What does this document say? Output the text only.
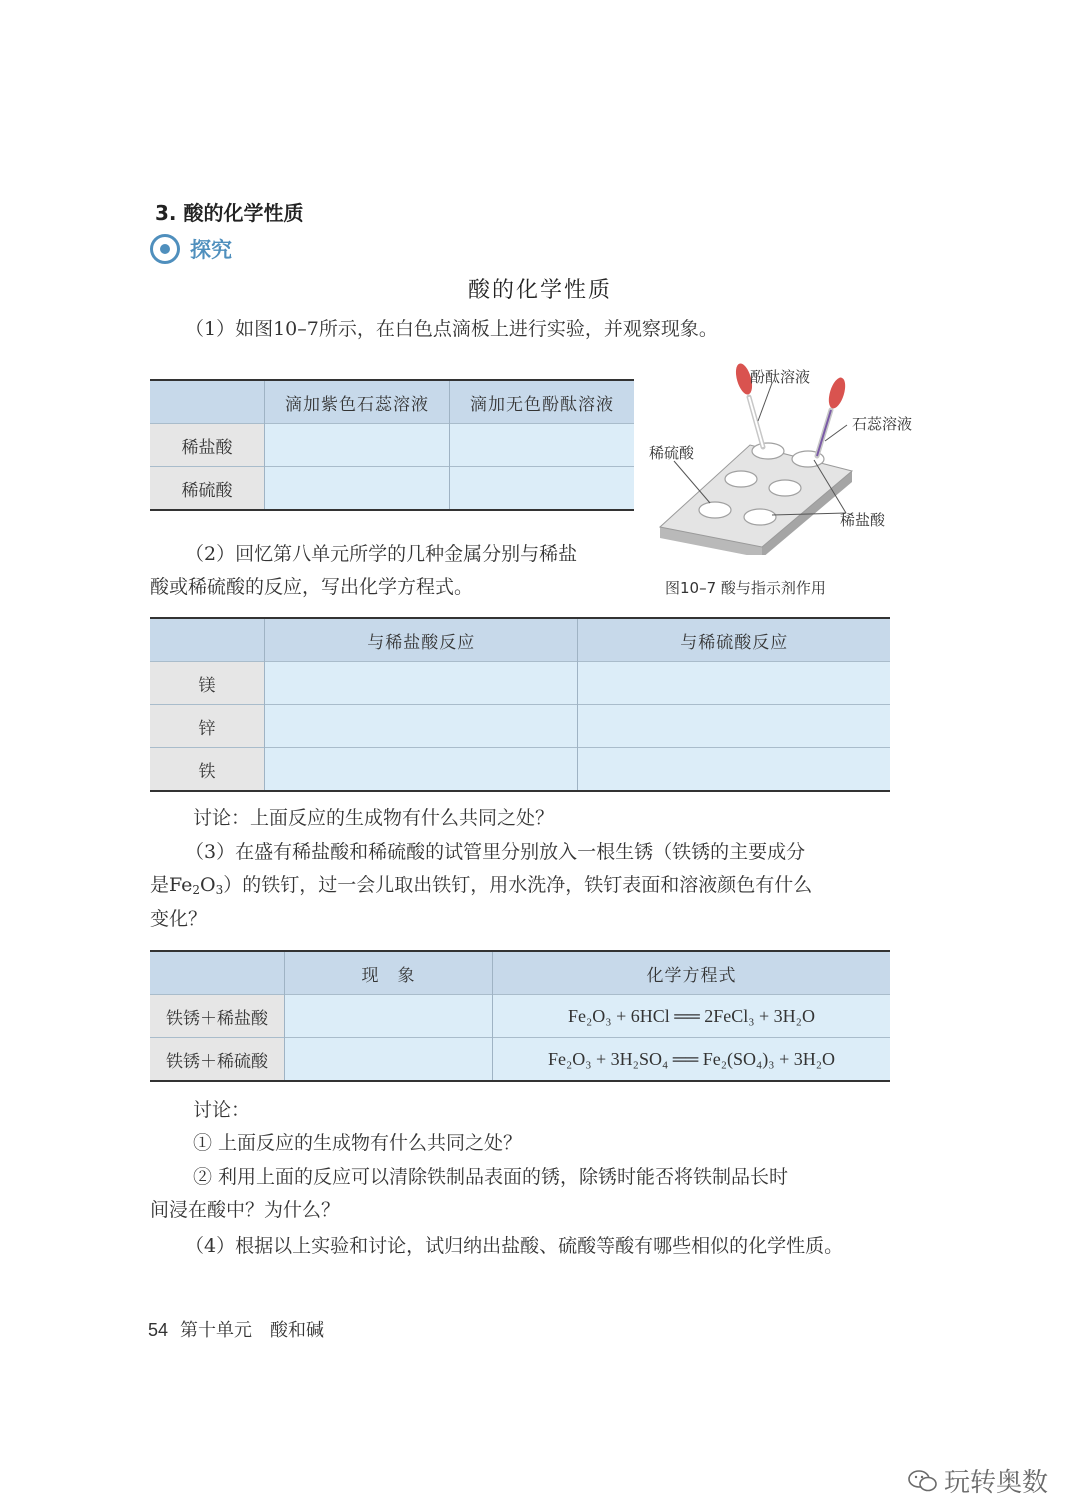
3. 酸的化学性质
探究
酸的化学性质
（1）如图10–7所示，在白色点滴板上进行实验，并观察现象。
	滴加紫色石蕊溶液	滴加无色酚酞溶液
稀盐酸		
稀硫酸		
酚酞溶液
石蕊溶液
稀硫酸
稀盐酸
图10–7 酸与指示剂作用
（2）回忆第八单元所学的几种金属分别与稀盐
酸或稀硫酸的反应，写出化学方程式。
	与稀盐酸反应	与稀硫酸反应
镁		
锌		
铁		
讨论：上面反应的生成物有什么共同之处？
（3）在盛有稀盐酸和稀硫酸的试管里分别放入一根生锈（铁锈的主要成分
是$Fe_2O_3$）的铁钉，过一会儿取出铁钉，用水洗净，铁钉表面和溶液颜色有什么
变化？
	现　象	化学方程式
铁锈＋稀盐酸		Fe₂O₃ + 6HCl ══ 2FeCl₃ + 3H₂O
铁锈＋稀硫酸		Fe₂O₃ + 3H₂SO₄ ══ Fe₂(SO₄)₃ + 3H₂O
讨论：
① 上面反应的生成物有什么共同之处？
② 利用上面的反应可以清除铁制品表面的锈，除锈时能否将铁制品长时
间浸在酸中？为什么？
（4）根据以上实验和讨论，试归纳出盐酸、硫酸等酸有哪些相似的化学性质。
54 第十单元　酸和碱
玩转奥数
